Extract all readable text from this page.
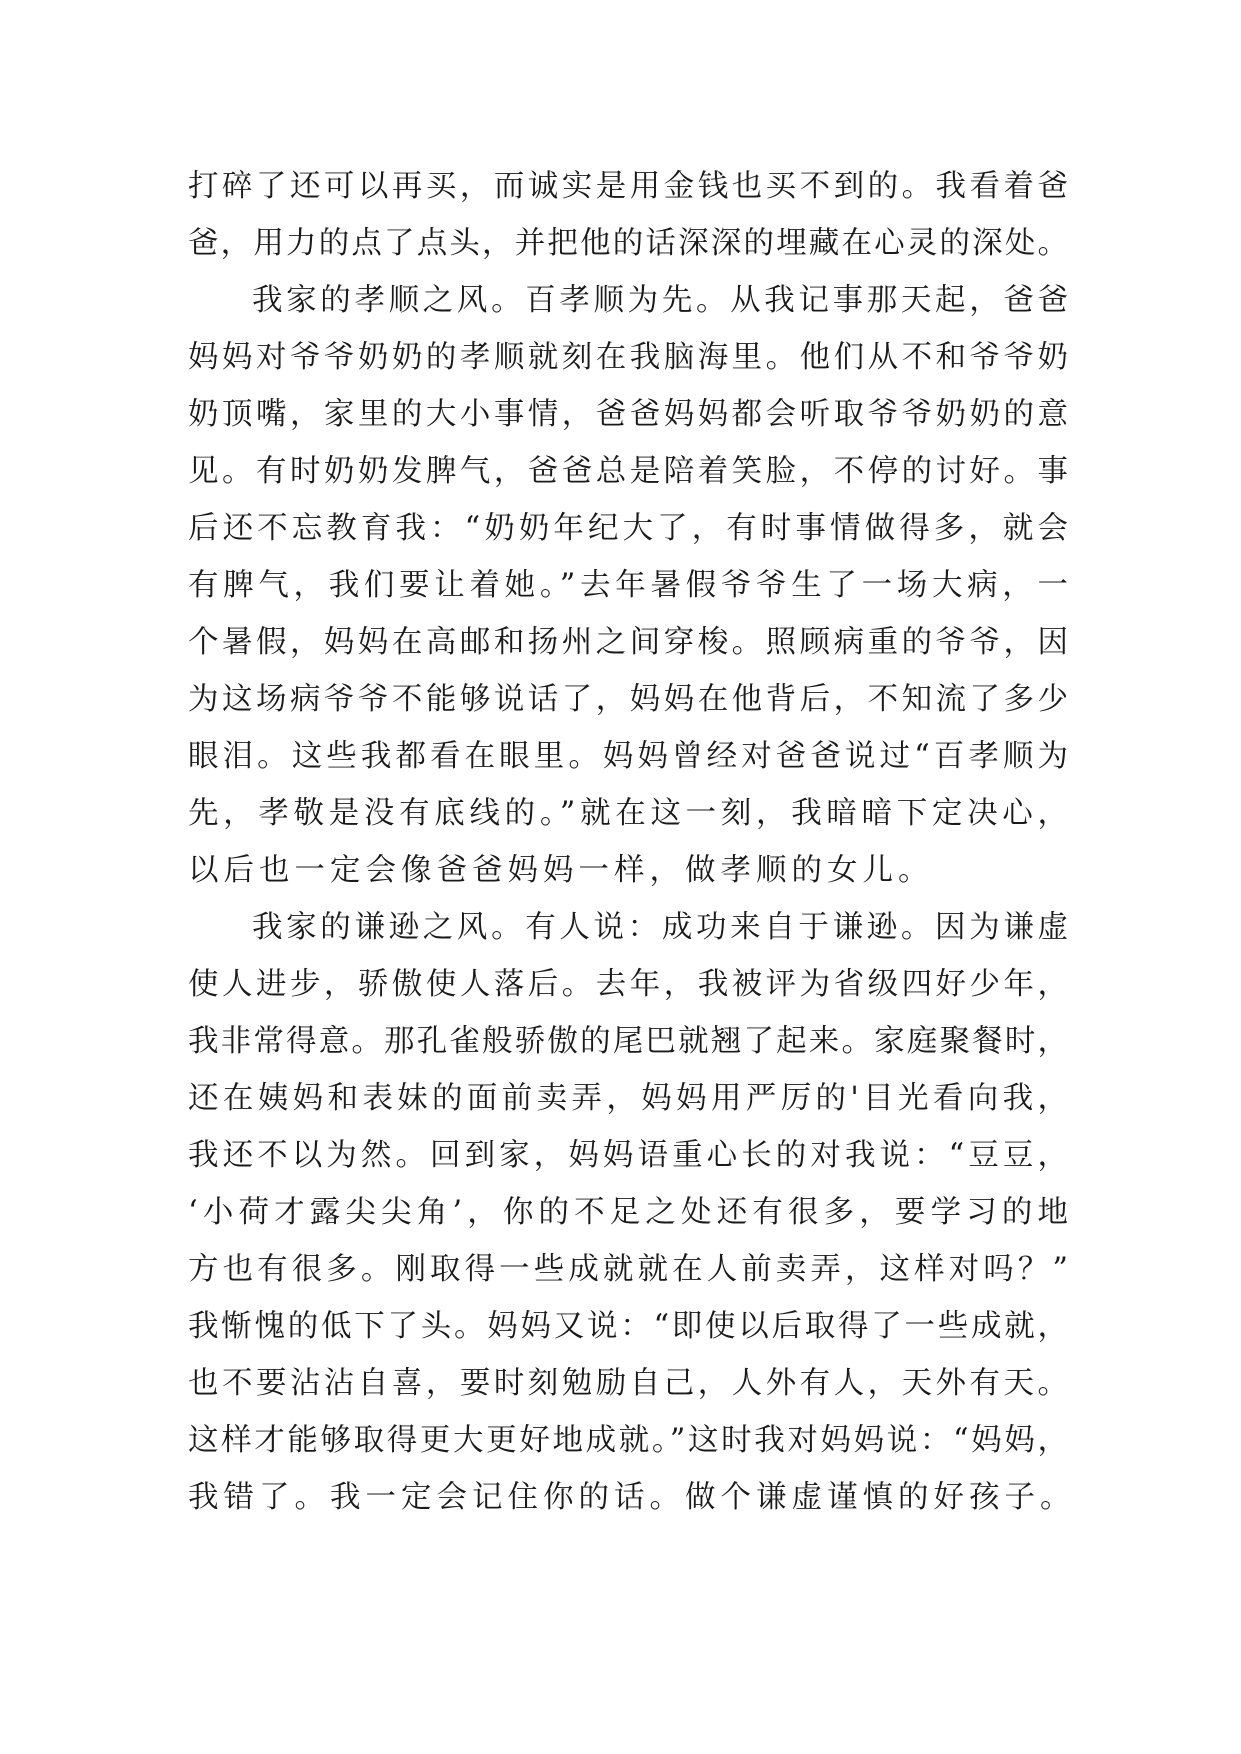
打碎了还可以再买，而诚实是用金钱也买不到的。我看着爸
爸，用力的点了点头，并把他的话深深的埋藏在心灵的深处。
我家的孝顺之风。百孝顺为先。从我记事那天起，爸爸
妈妈对爷爷奶奶的孝顺就刻在我脑海里。他们从不和爷爷奶
奶顶嘴，家里的大小事情，爸爸妈妈都会听取爷爷奶奶的意
见。有时奶奶发脾气，爸爸总是陪着笑脸，不停的讨好。事
后还不忘教育我：“奶奶年纪大了，有时事情做得多，就会
有脾气，我们要让着她。”去年暑假爷爷生了一场大病，一
个暑假，妈妈在高邮和扬州之间穿梭。照顾病重的爷爷，因
为这场病爷爷不能够说话了，妈妈在他背后，不知流了多少
眼泪。这些我都看在眼里。妈妈曾经对爸爸说过“百孝顺为
先，孝敬是没有底线的。”就在这一刻，我暗暗下定决心，
以后也一定会像爸爸妈妈一样，做孝顺的女儿。
我家的谦逊之风。有人说：成功来自于谦逊。因为谦虚
使人进步，骄傲使人落后。去年，我被评为省级四好少年，
我非常得意。那孔雀般骄傲的尾巴就翘了起来。家庭聚餐时，
还在姨妈和表妹的面前卖弄，妈妈用严厉的'目光看向我，
我还不以为然。回到家，妈妈语重心长的对我说：“豆豆，
‘小荷才露尖尖角’，你的不足之处还有很多，要学习的地
方也有很多。刚取得一些成就就在人前卖弄，这样对吗？”
我惭愧的低下了头。妈妈又说：“即使以后取得了一些成就，
也不要沾沾自喜，要时刻勉励自己，人外有人，天外有天。
这样才能够取得更大更好地成就。”这时我对妈妈说：“妈妈，
我错了。我一定会记住你的话。做个谦虚谨慎的好孩子。
